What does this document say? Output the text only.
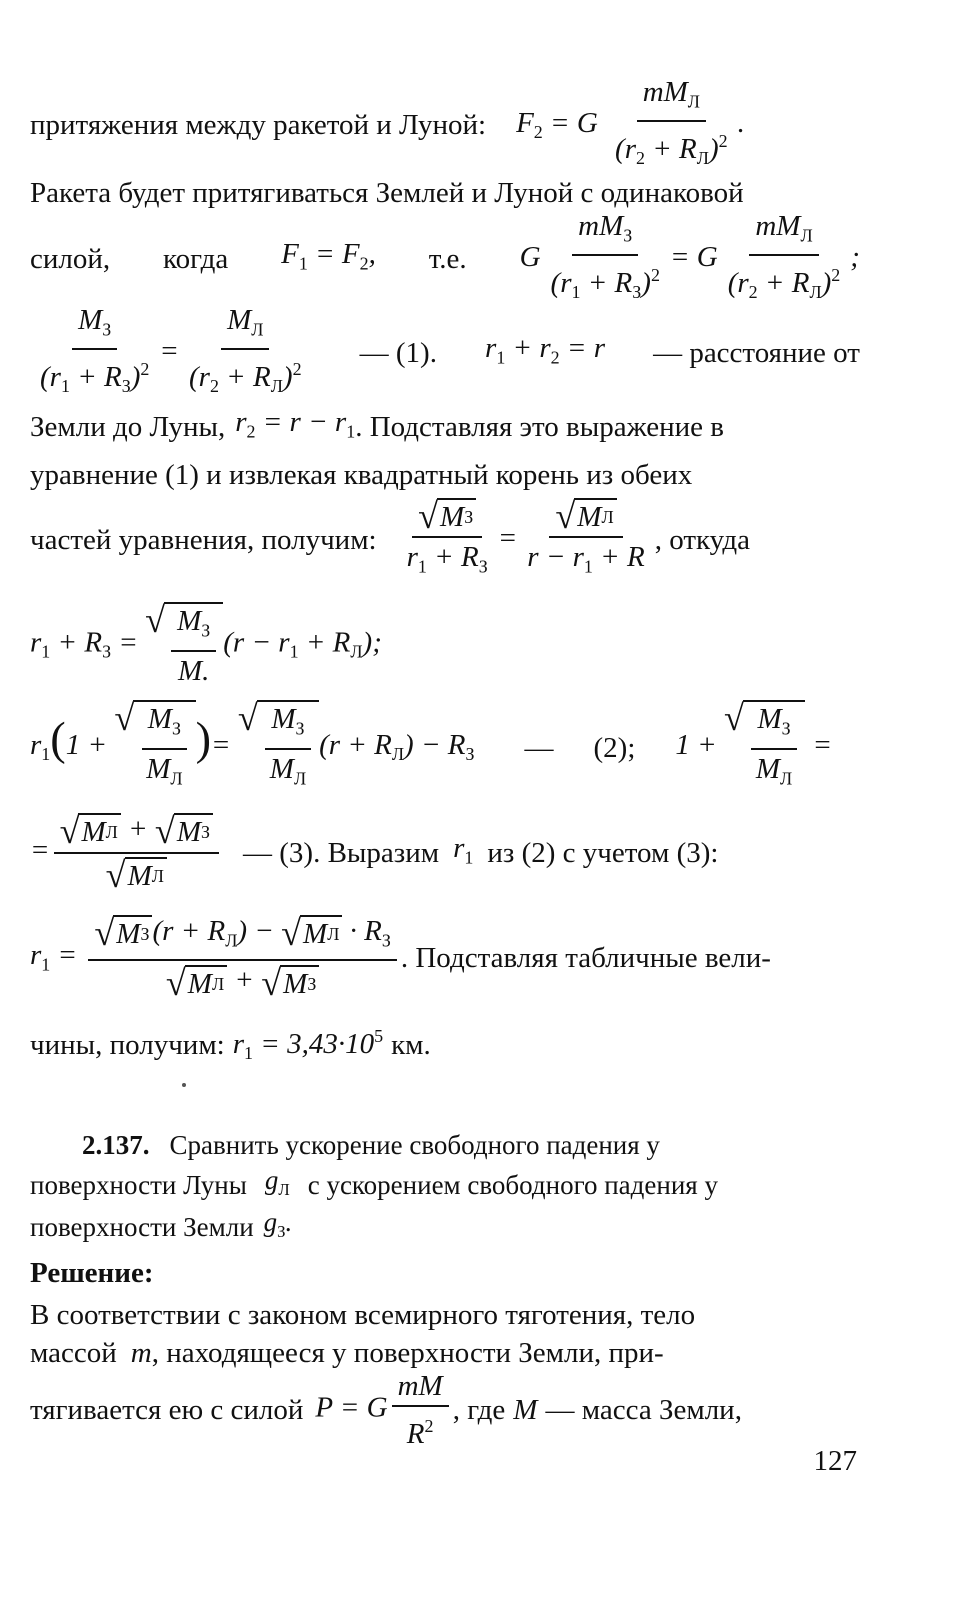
притяжения между ракетой и Луной: $F_2 = G \frac{mM_Л}{(r_2 + R_Л)^2}$ .
Ракета будет притягиваться Землей и Луной с одинаковой
силой, когда $F_1 = F_2$, т.е. G $\frac{mM_З}{(r_1 + R_З)^2} = G \frac{mM_Л}{(r_2 + R_Л)^2}$ ;
$\frac{M_З}{(r_1 + R_З)^2} = \frac{M_Л}{(r_2 + R_Л)^2}$ — (1). $r_1 + r_2 = r$ — расстояние от
Земли до Луны, $r_2 = r - r_1$ . Подставляя это выражение в
уравнение (1) и извлекая квадратный корень из обеих
частей уравнения, получим: $\frac{\text{√ M З}}{r_1 + R_З} = \frac{\text{√ M Л}}{r - r_1 + R}$ , откуда
$r_1 + R_З$ =
√ $\frac{M_З}{M.} (r - r_1 + R_Л)$;
$r_1(1$ +
√ $\frac{M_З}{M_Л}$ )=
√ $\frac{M_З}{M_Л} (r + R_Л) - R_З$ — (2); 1 +
√ $\frac{M_З}{M_Л}$ =
= $\frac{\text{√ M Л + √ M З}}{\text{√ M Л}}$ — (3). Выразим $r_1$ из (2) с учетом (3):
$r_1 = \frac{√ M З (r + R_Л) - √ M Л \cdot R_З}{\text{√ M Л + √ M З}}$ . Подставляя табличные вели-
чины, получим: $r_1 = 3,43\cdot 10^5$ км.
2.137. Сравнить ускорение свободного падения у
поверхности Луны $g_Л$ с ускорением свободного падения у
поверхности Земли $g_З$.
Решение:
В соответствии с законом всемирного тяготения, тело
массой m , находящееся у поверхности Земли, при-
тягивается ею с силой P = G $\frac{mM}{R^2}$ , где M — масса Земли,
127
